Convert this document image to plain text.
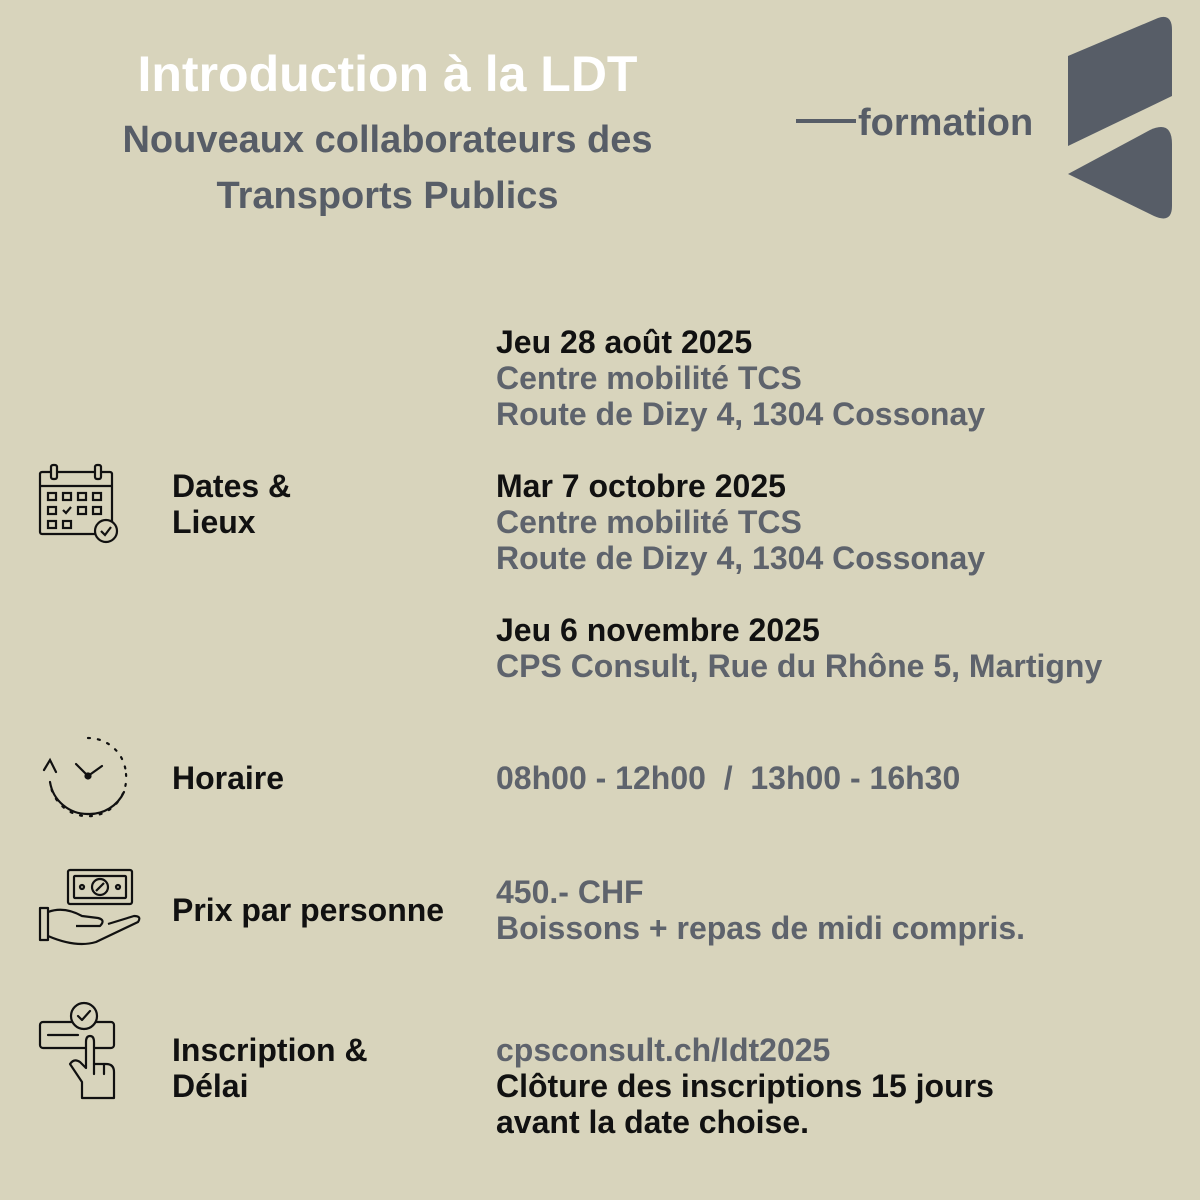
Introduction à la LDT
Nouveaux collaborateurs des
Transports Publics
formation
Dates &
Lieux
Jeu 28 août 2025
Centre mobilité TCS
Route de Dizy 4, 1304 Cossonay
Mar 7 octobre 2025
Centre mobilité TCS
Route de Dizy 4, 1304 Cossonay
Jeu 6 novembre 2025
CPS Consult, Rue du Rhône 5, Martigny
Horaire	08h00 - 12h00  /  13h00 - 16h30
Prix par personne 450.- CHF
Boissons + repas de midi compris.
Inscription &
Délai
cpsconsult.ch/ldt2025
Clôture des inscriptions 15 jours
avant la date choise.
